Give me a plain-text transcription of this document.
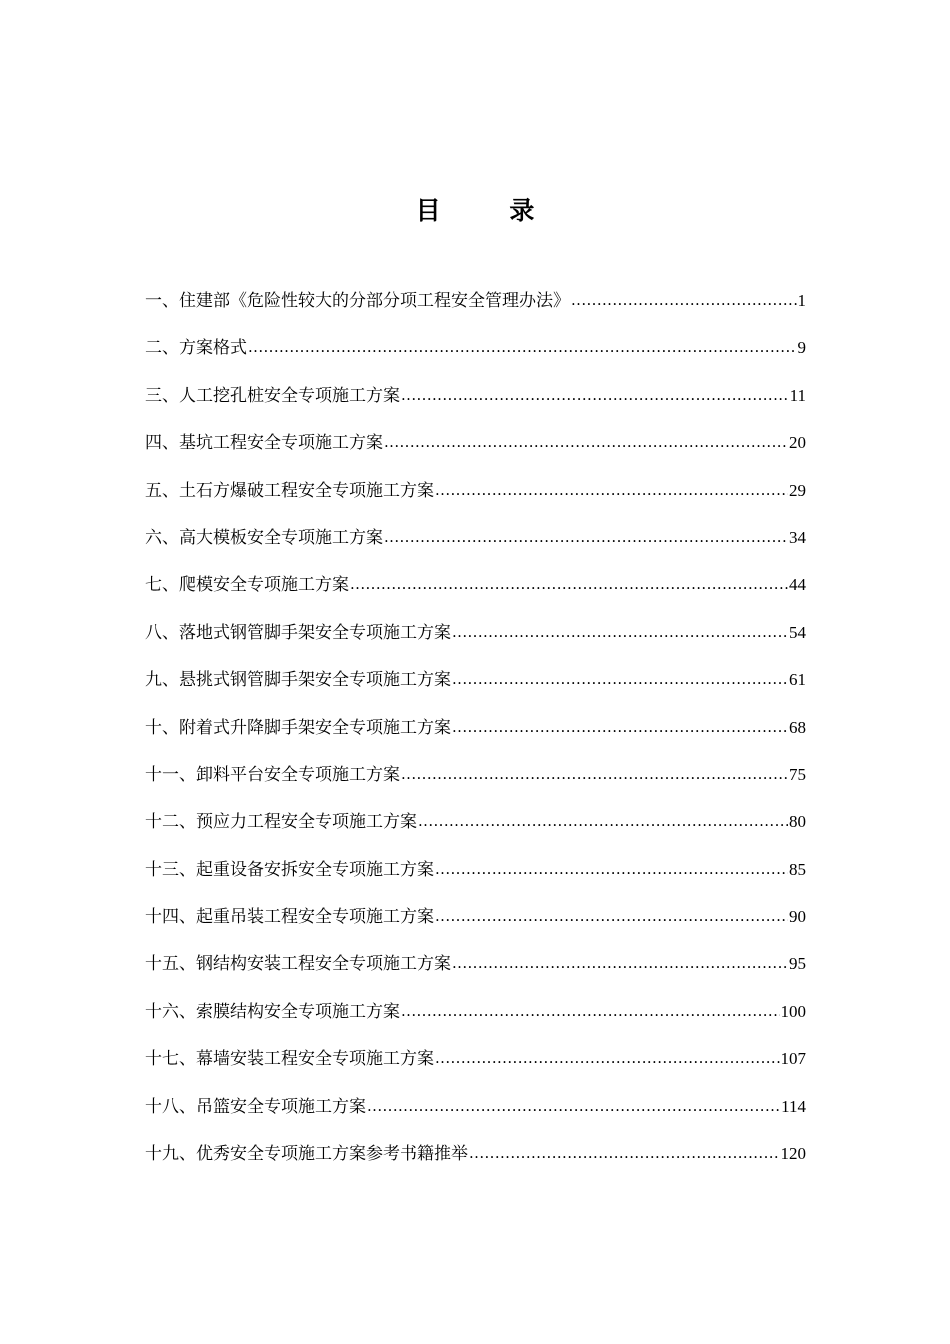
目 录
一、住建部《危险性较大的分部分项工程安全管理办法》 .....	1
二、方案格式 .....	9
三、人工挖孔桩安全专项施工方案 .....	11
四、基坑工程安全专项施工方案 .....	20
五、土石方爆破工程安全专项施工方案 .....	29
六、高大模板安全专项施工方案 .....	34
七、爬模安全专项施工方案 .....	44
八、落地式钢管脚手架安全专项施工方案 .....	54
九、悬挑式钢管脚手架安全专项施工方案 .....	61
十、附着式升降脚手架安全专项施工方案 .....	68
十一、卸料平台安全专项施工方案 .....	75
十二、预应力工程安全专项施工方案 .....	80
十三、起重设备安拆安全专项施工方案 .....	85
十四、起重吊装工程安全专项施工方案 .....	90
十五、钢结构安装工程安全专项施工方案 .....	95
十六、索膜结构安全专项施工方案 .....	100
十七、幕墙安装工程安全专项施工方案 .....	107
十八、吊篮安全专项施工方案 .....	114
十九、优秀安全专项施工方案参考书籍推举 .....	120
